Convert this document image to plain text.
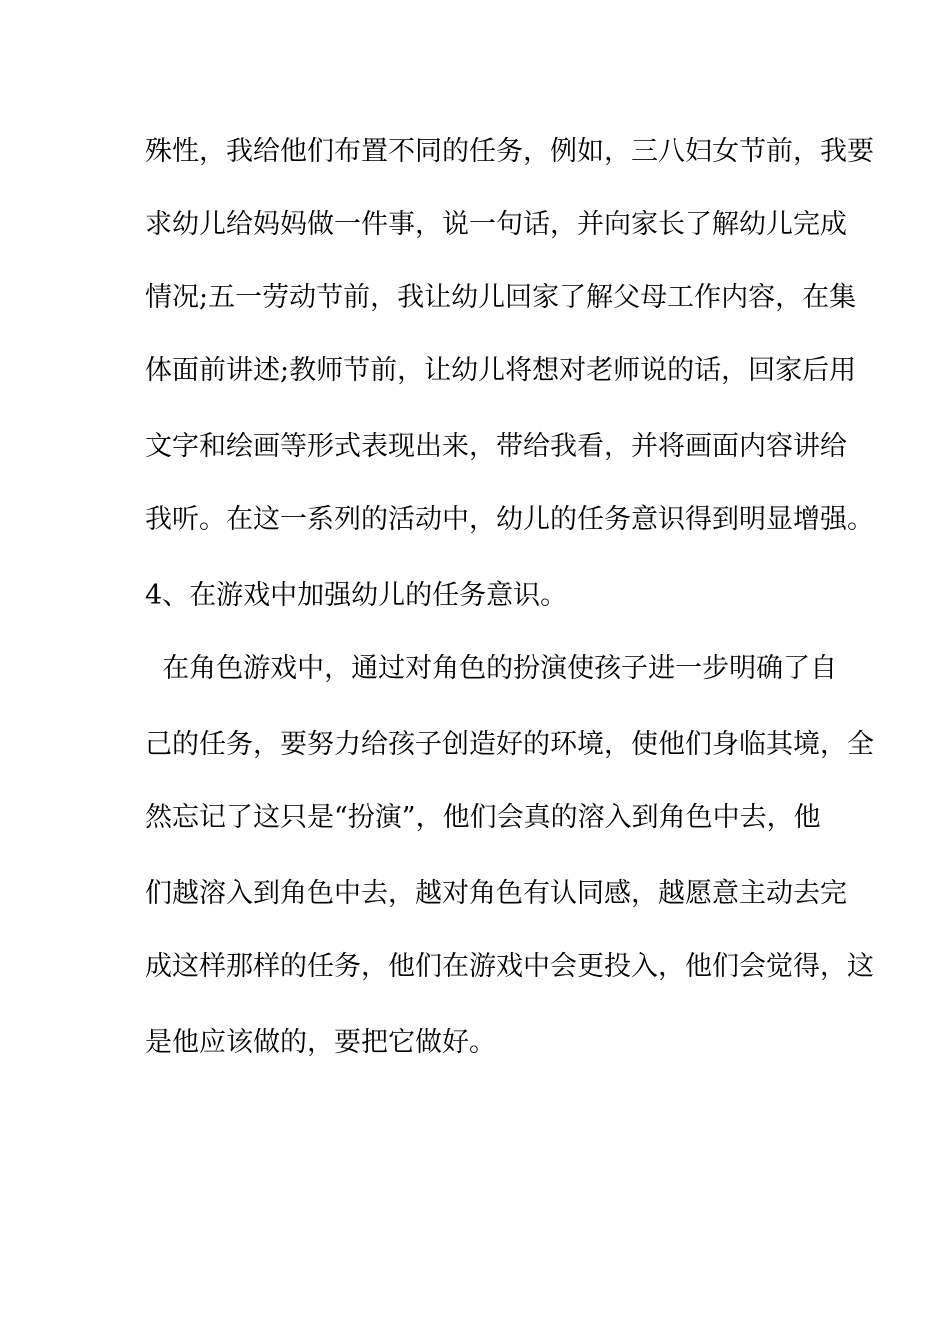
殊性，我给他们布置不同的任务，例如，三八妇女节前，我要
求幼儿给妈妈做一件事，说一句话，并向家长了解幼儿完成
情况;五一劳动节前，我让幼儿回家了解父母工作内容，在集
体面前讲述;教师节前，让幼儿将想对老师说的话，回家后用
文字和绘画等形式表现出来，带给我看，并将画面内容讲给
我听。在这一系列的活动中，幼儿的任务意识得到明显增强。
4、在游戏中加强幼儿的任务意识。
在角色游戏中，通过对角色的扮演使孩子进一步明确了自
己的任务，要努力给孩子创造好的环境，使他们身临其境，全
然忘记了这只是“扮演”，他们会真的溶入到角色中去，他
们越溶入到角色中去，越对角色有认同感，越愿意主动去完
成这样那样的任务，他们在游戏中会更投入，他们会觉得，这
是他应该做的，要把它做好。
